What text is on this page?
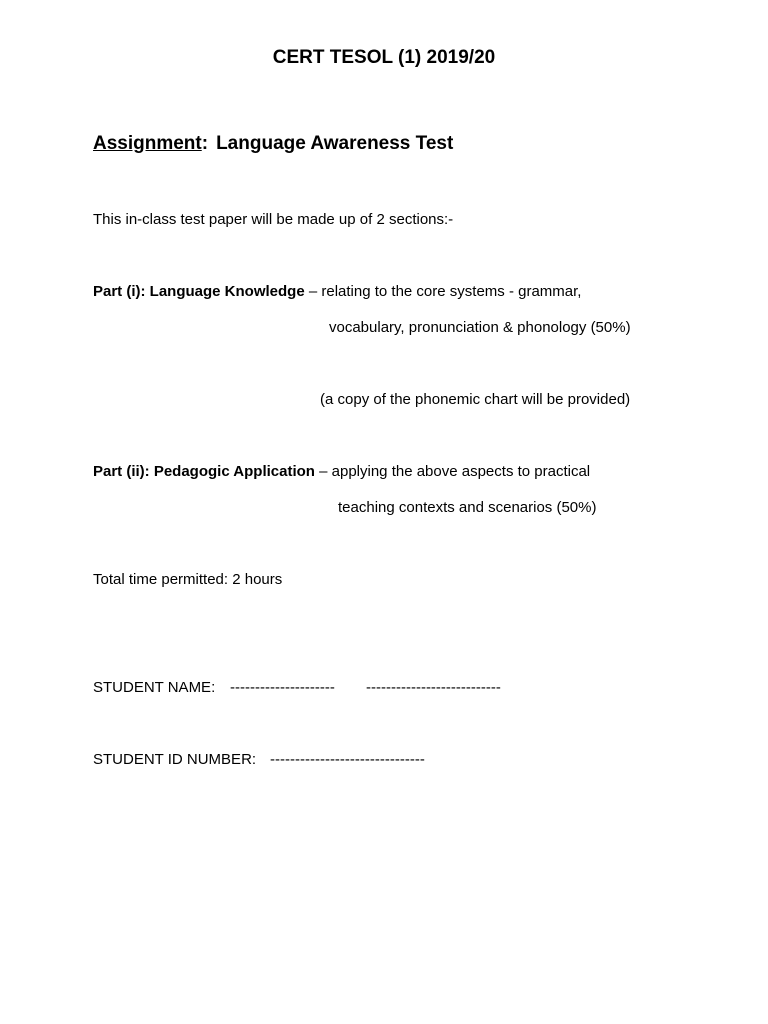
CERT TESOL (1) 2019/20
Assignment: Language Awareness Test
This in-class test paper will be made up of 2 sections:-
Part (i): Language Knowledge – relating to the core systems - grammar,
vocabulary, pronunciation & phonology (50%)
(a copy of the phonemic chart will be provided)
Part (ii): Pedagogic Application – applying the above aspects to practical
teaching contexts and scenarios (50%)
Total time permitted: 2 hours
STUDENT NAME: --------------------- ---------------------------
STUDENT ID NUMBER: -------------------------------
